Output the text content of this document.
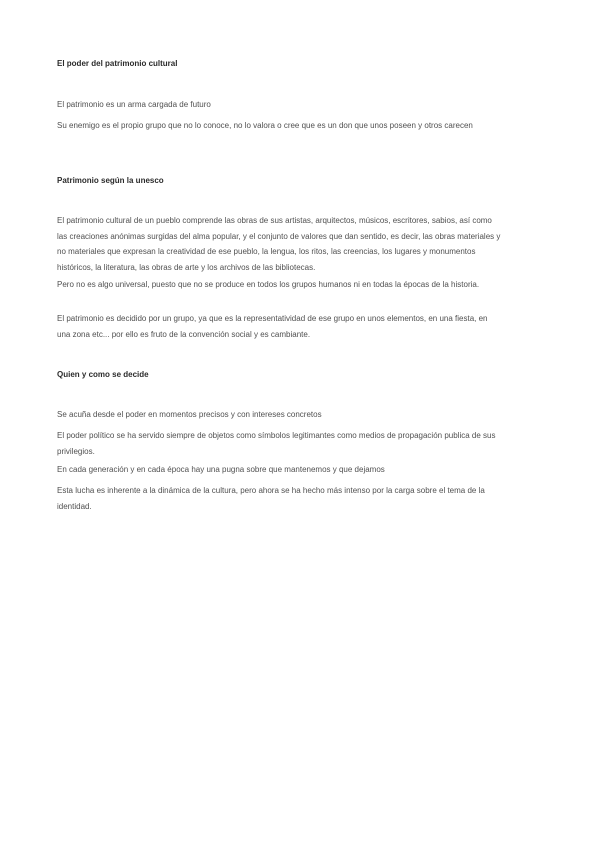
El poder del patrimonio cultural

El patrimonio es un arma cargada de futuro

Su enemigo es el propio grupo que no lo conoce, no lo valora o cree que es un don que unos poseen y otros carecen

Patrimonio según la unesco

El patrimonio cultural de un pueblo comprende las obras de sus artistas, arquitectos, músicos, escritores, sabios, así como las creaciones anónimas surgidas del alma popular, y el conjunto de valores que dan sentido, es decir, las obras materiales y no materiales que expresan la creatividad de ese pueblo, la lengua, los ritos, las creencias, los lugares y monumentos históricos, la literatura, las obras de arte y los archivos de las bibliotecas.

Pero no es algo universal, puesto que no se produce en todos los grupos humanos ni en todas la épocas de la historia.

El patrimonio es decidido por un grupo, ya que es la representatividad de ese grupo en unos elementos, en una fiesta, en una zona etc... por ello es fruto de la convención social y es cambiante.

Quien y como se decide

Se acuña desde el poder en momentos precisos y con intereses concretos

El poder político se ha servido siempre de objetos como símbolos legitimantes como medios de propagación publica de sus privilegios.

En cada generación y en cada época hay una pugna sobre que mantenemos y que dejamos

Esta lucha es inherente a la dinámica de la cultura, pero ahora se ha hecho más intenso por la carga sobre el tema de la identidad.
